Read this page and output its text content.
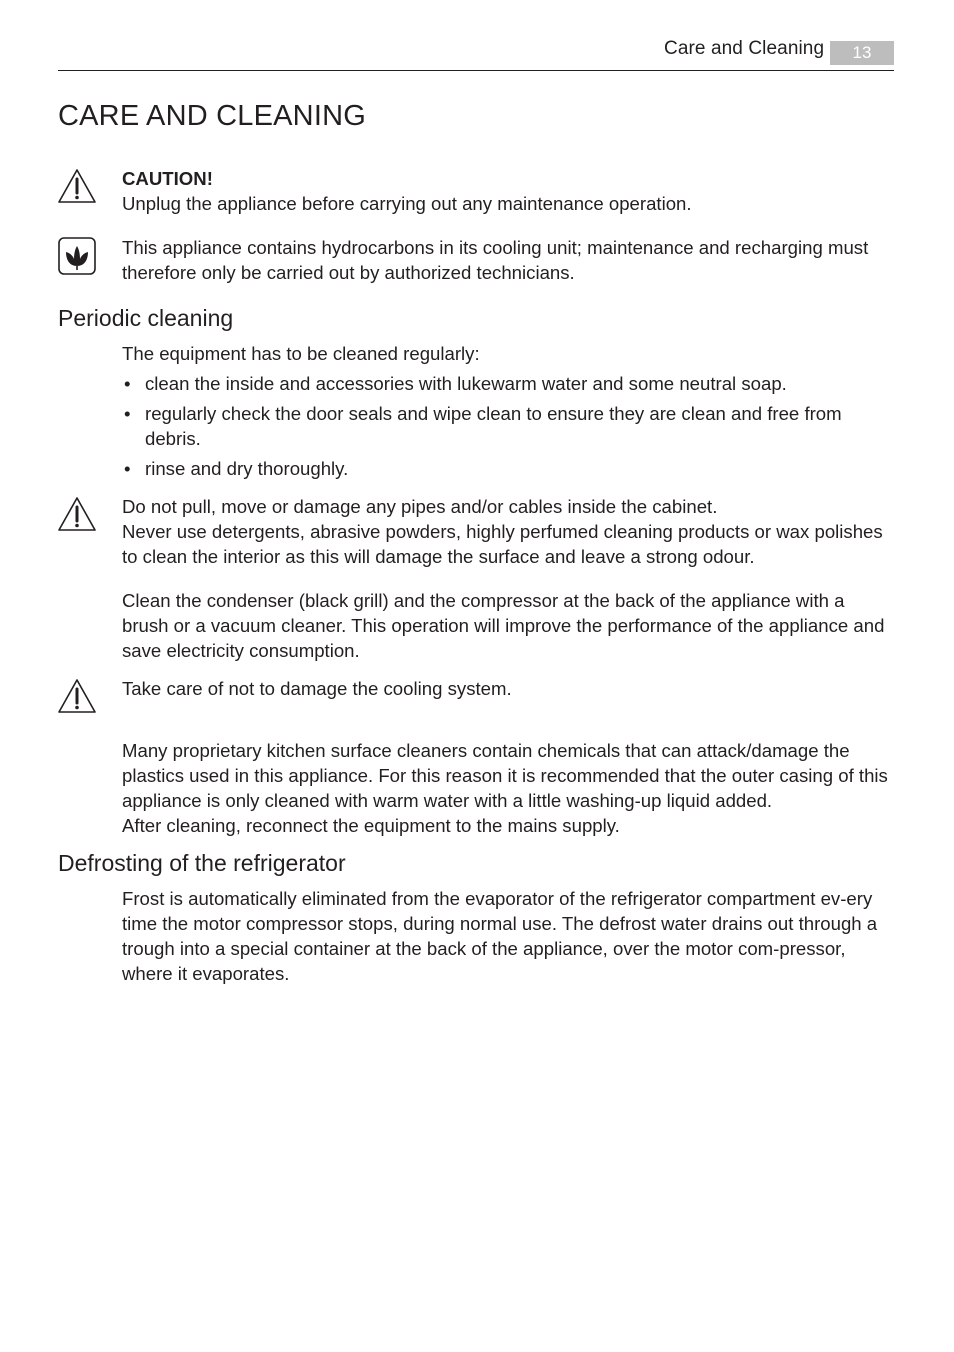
Care and Cleaning	13
CARE AND CLEANING
CAUTION!
Unplug the appliance before carrying out any maintenance operation.

This appliance contains hydrocarbons in its cooling unit; maintenance and recharging must therefore only be carried out by authorized technicians.

Periodic cleaning

The equipment has to be cleaned regularly:

• clean the inside and accessories with lukewarm water and some neutral soap.
• regularly check the door seals and wipe clean to ensure they are clean and free from debris.
• rinse and dry thoroughly.
Do not pull, move or damage any pipes and/or cables inside the cabinet.
Never use detergents, abrasive powders, highly perfumed cleaning products or wax polishes to clean the interior as this will damage the surface and leave a strong odour.

Clean the condenser (black grill) and the compressor at the back of the appliance with a brush or a vacuum cleaner. This operation will improve the performance of the appliance and save electricity consumption.

Take care of not to damage the cooling system.

Many proprietary kitchen surface cleaners contain chemicals that can attack/damage the plastics used in this appliance. For this reason it is recommended that the outer casing of this appliance is only cleaned with warm water with a little washing-up liquid added.
After cleaning, reconnect the equipment to the mains supply.
Defrosting of the refrigerator

Frost is automatically eliminated from the evaporator of the refrigerator compartment ev-ery time the motor compressor stops, during normal use. The defrost water drains out through a trough into a special container at the back of the appliance, over the motor com-pressor, where it evaporates.
